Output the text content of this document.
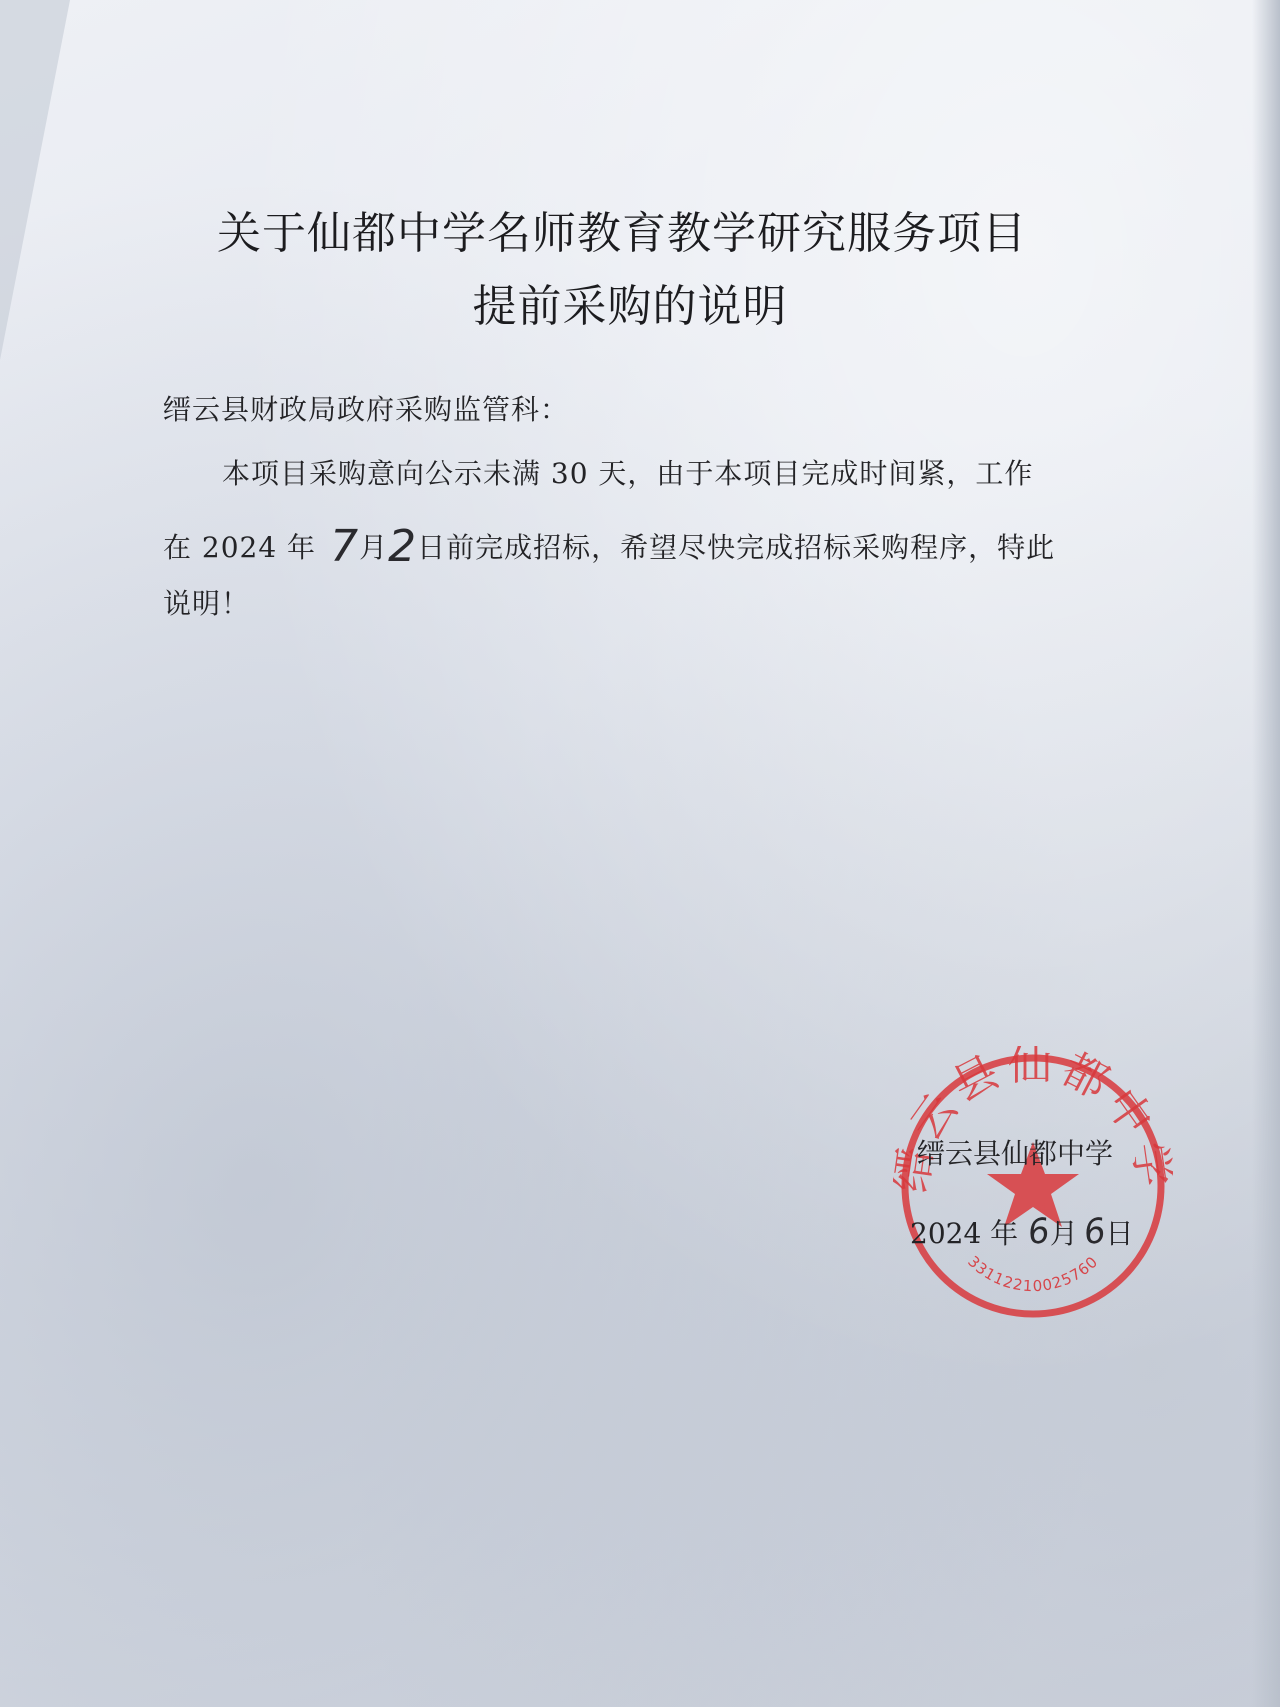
关于仙都中学名师教育教学研究服务项目
提前采购的说明
缙云县财政局政府采购监管科：
本项目采购意向公示未满 30 天，由于本项目完成时间紧，工作
在 2024 年 7月2日前完成招标，希望尽快完成招标采购程序，特此
说明！
云县仙都中
33112210025760
缙云县仙都中学
2024 年 6月6日
